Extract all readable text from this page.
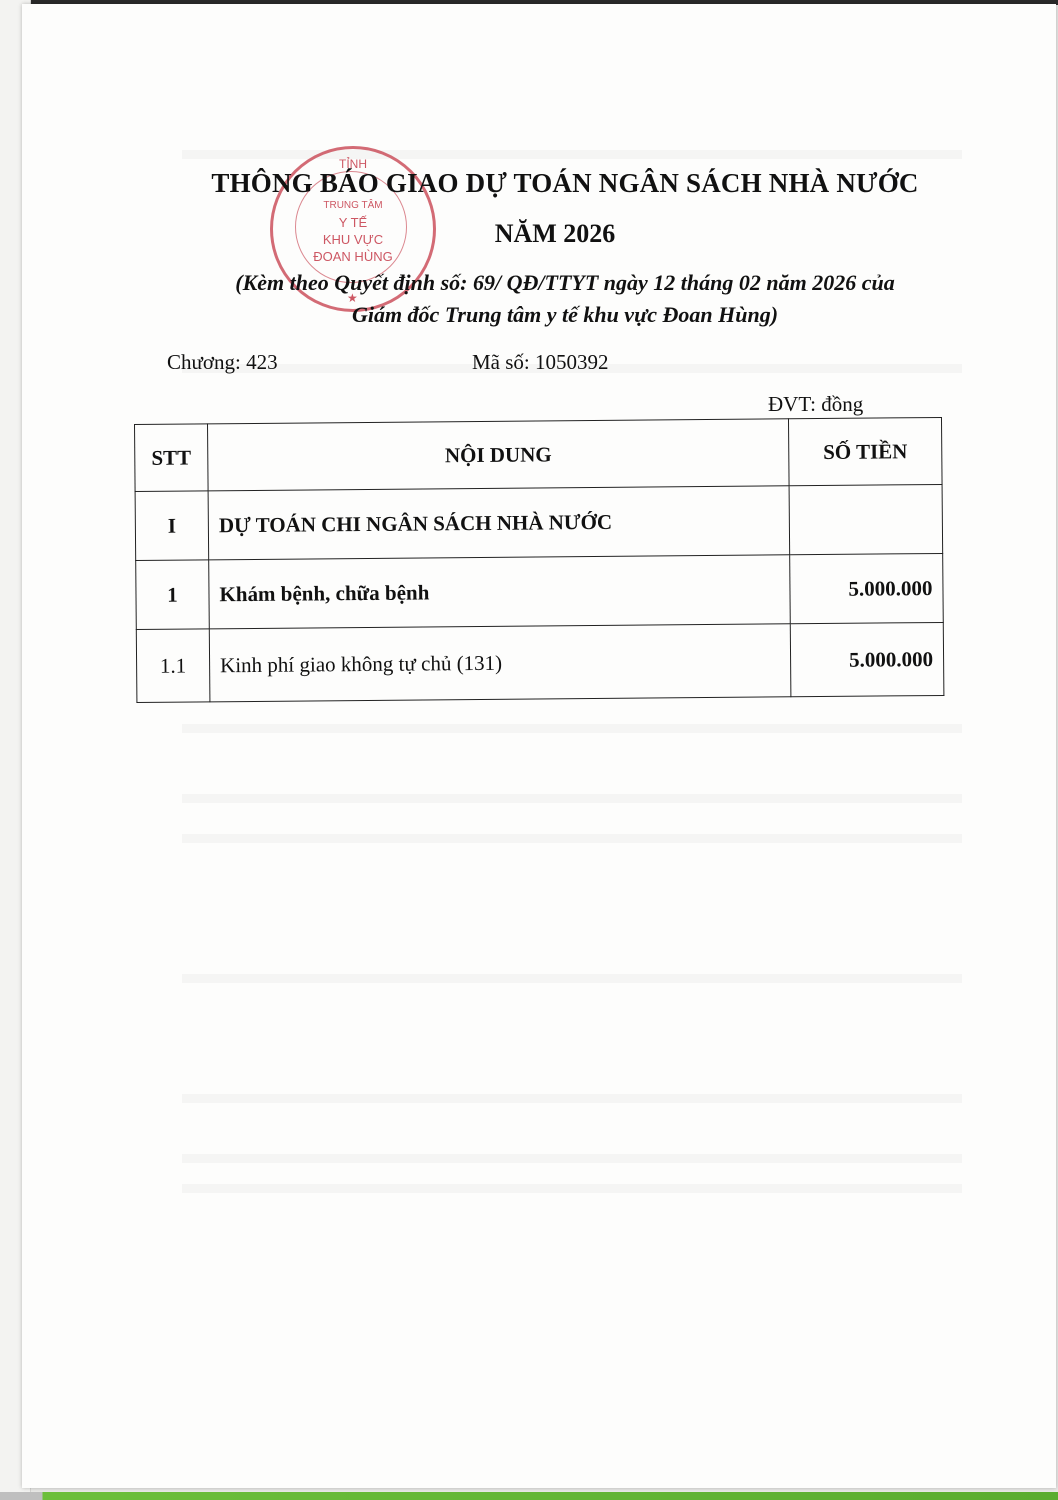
TỈNH
TRUNG TÂM
Y TẾ
KHU VỰC
ĐOAN HÙNG
★
THÔNG BÁO GIAO DỰ TOÁN NGÂN SÁCH NHÀ NƯỚC
NĂM 2026
(Kèm theo Quyết định số: 69/ QĐ/TTYT ngày 12 tháng 02 năm 2026 của
Giám đốc Trung tâm y tế khu vực Đoan Hùng)
Chương: 423	Mã số: 1050392
ĐVT: đồng
STT	NỘI DUNG	SỐ TIỀN
I	DỰ TOÁN CHI NGÂN SÁCH NHÀ NƯỚC	
1	Khám bệnh, chữa bệnh	5.000.000
1.1	Kinh phí giao không tự chủ (131)	5.000.000
